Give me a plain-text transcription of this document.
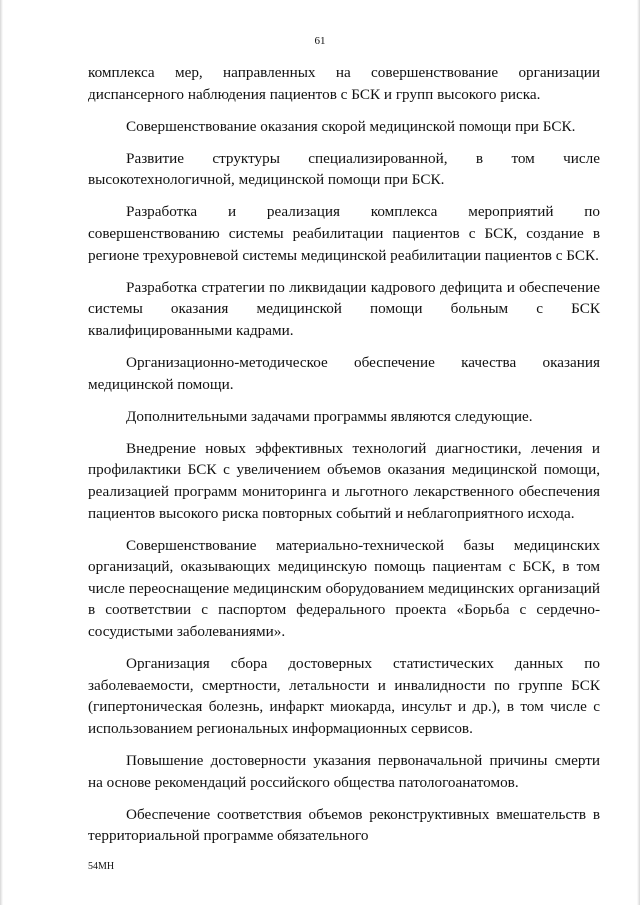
61

комплекса мер, направленных на совершенствование организации диспансерного наблюдения пациентов с БСК и групп высокого риска.

Совершенствование оказания скорой медицинской помощи при БСК.

Развитие структуры специализированной, в том числе высокотехнологичной, медицинской помощи при БСК.

Разработка и реализация комплекса мероприятий по совершенствованию системы реабилитации пациентов с БСК, создание в регионе трехуровневой системы медицинской реабилитации пациентов с БСК.

Разработка стратегии по ликвидации кадрового дефицита и обеспечение системы оказания медицинской помощи больным с БСК квалифицированными кадрами.

Организационно-методическое обеспечение качества оказания медицинской помощи.

Дополнительными задачами программы являются следующие.

Внедрение новых эффективных технологий диагностики, лечения и профилактики БСК с увеличением объемов оказания медицинской помощи, реализацией программ мониторинга и льготного лекарственного обеспечения пациентов высокого риска повторных событий и неблагоприятного исхода.

Совершенствование материально-технической базы медицинских организаций, оказывающих медицинскую помощь пациентам с БСК, в том числе переоснащение медицинским оборудованием медицинских организаций в соответствии с паспортом федерального проекта «Борьба с сердечно-сосудистыми заболеваниями».

Организация сбора достоверных статистических данных по заболеваемости, смертности, летальности и инвалидности по группе БСК (гипертоническая болезнь, инфаркт миокарда, инсульт и др.), в том числе с использованием региональных информационных сервисов.

Повышение достоверности указания первоначальной причины смерти на основе рекомендаций российского общества патологоанатомов.

Обеспечение соответствия объемов реконструктивных вмешательств в территориальной программе обязательного

54МН
